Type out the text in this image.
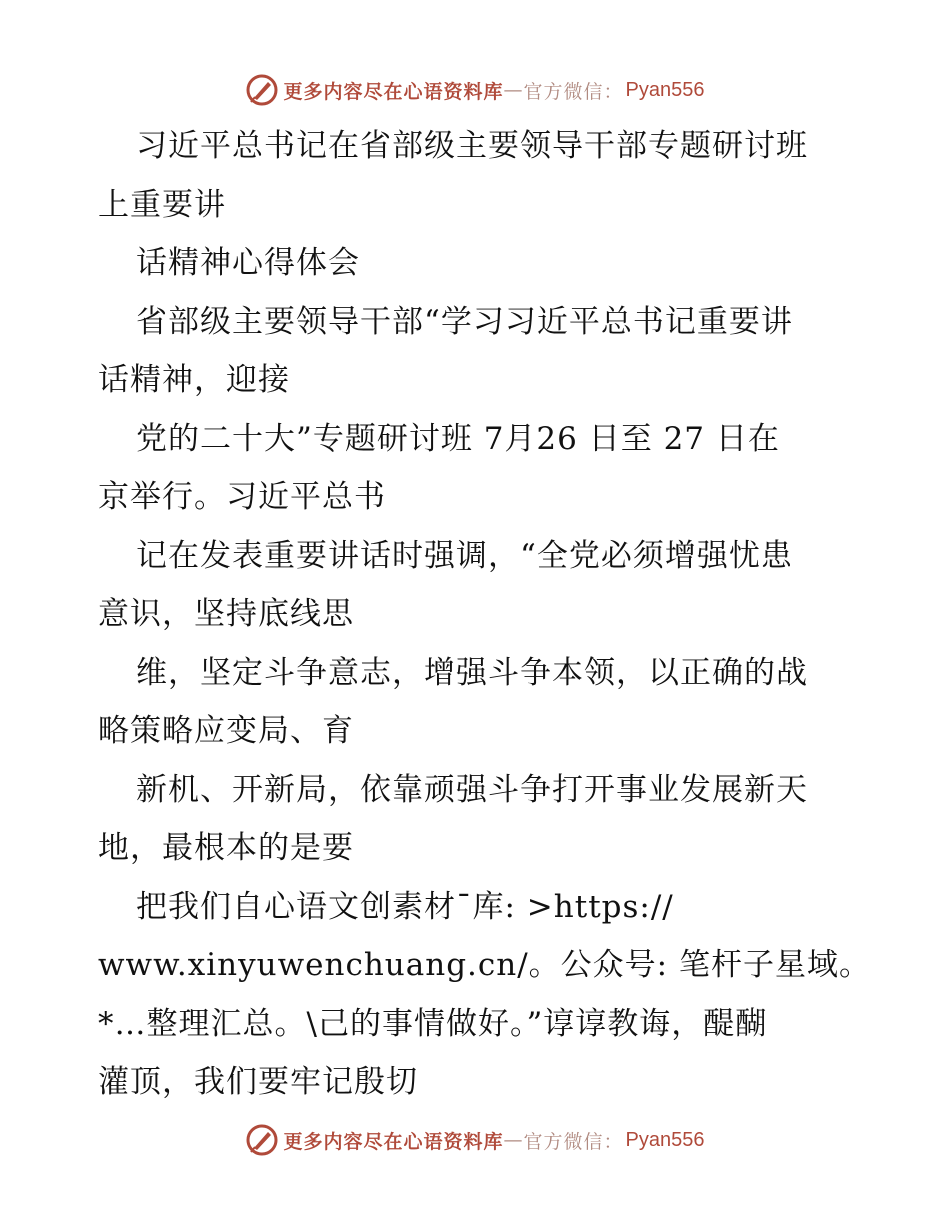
更多内容尽在心语资料库 — 官方微信： Pyan556
习近平总书记在省部级主要领导干部专题研讨班
上重要讲
话精神心得体会
省部级主要领导干部“学习习近平总书记重要讲
话精神，迎接
党的二十大”专题研讨班 7月26 日至 27 日在
京举行。习近平总书
记在发表重要讲话时强调，“全党必须增强忧患
意识，坚持底线思
维，坚定斗争意志，增强斗争本领，以正确的战
略策略应变局、育
新机、开新局，依靠顽强斗争打开事业发展新天
地，最根本的是要
把我们自心语文创素材¯库: >https://
www.xinyuwenchuang.cn/。公众号: 笔杆子星域。
*…整理汇总。\己的事情做好。”谆谆教诲，醍醐
灌顶，我们要牢记殷切
更多内容尽在心语资料库 — 官方微信： Pyan556
